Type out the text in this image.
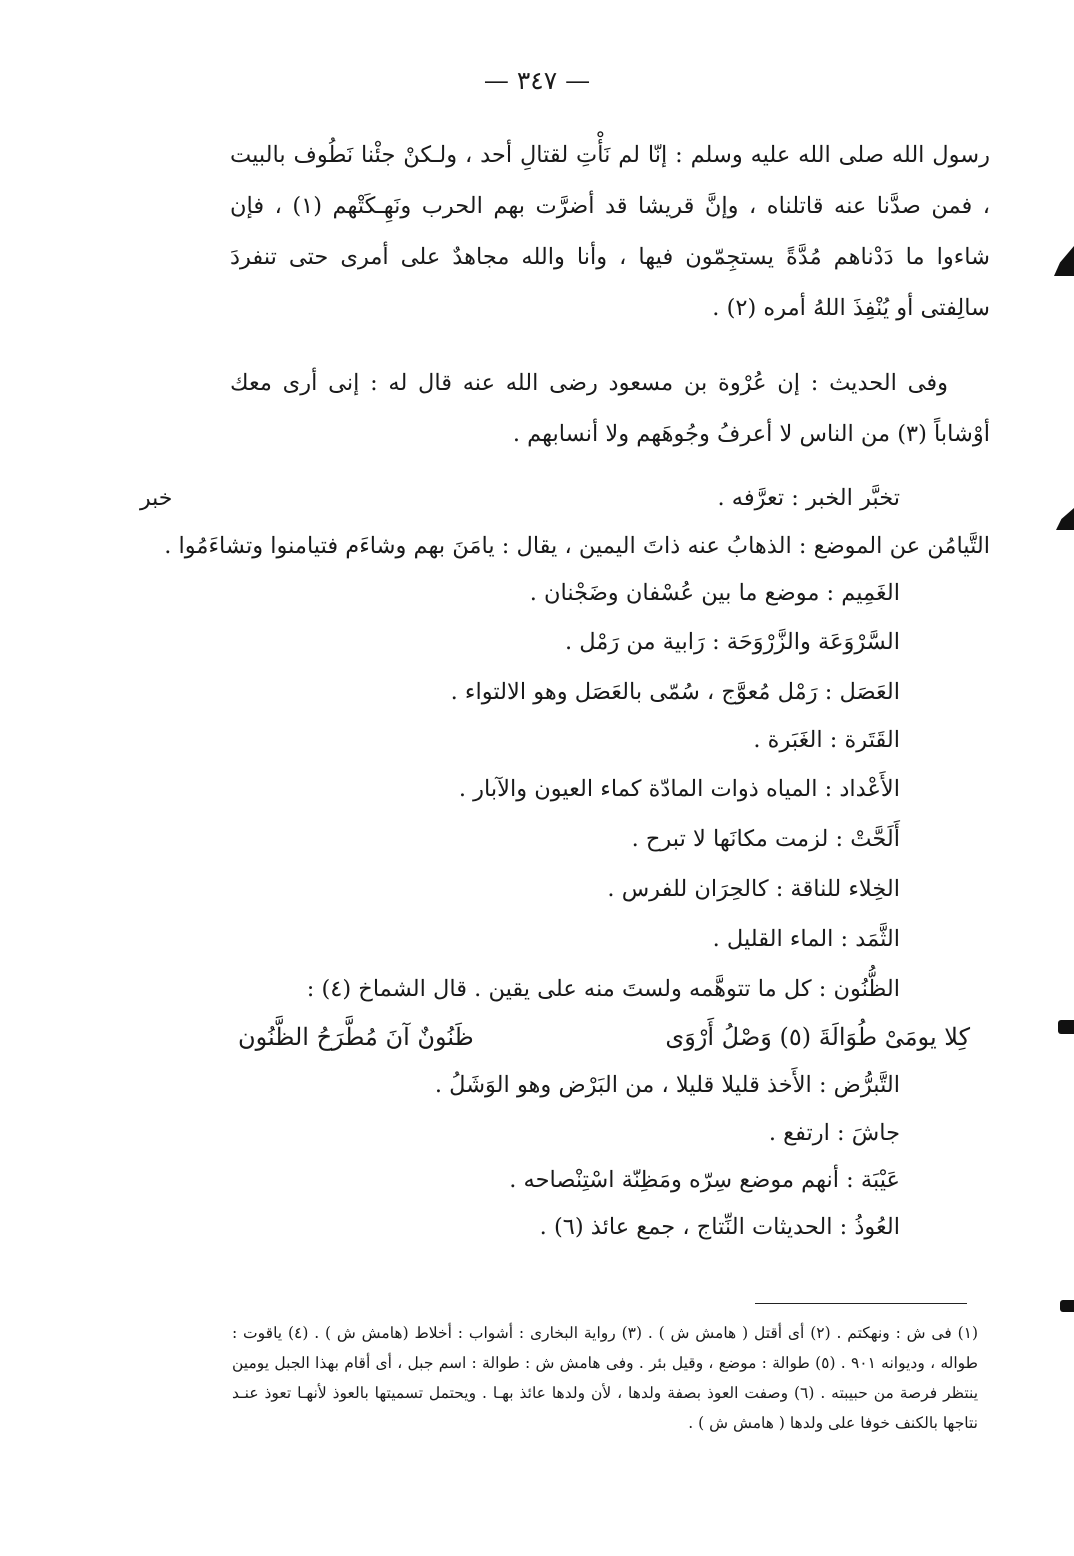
— ٣٤٧ —

رسول الله صلى الله عليه وسلم : إنّا لم نَأْتِ لقتالِ أحد ، ولـكنْ جئْنا نَطُوف بالبيت ، فمن صدَّنا عنه قاتلناه ، وإنَّ قريشا قد أضرَّت بهم الحرب ونَهِـكَتْهم (١) ، فإن شاءوا ما دَدْناهم مُدَّةً يستجِمّون فيها ، وأنا والله مجاهدٌ على أمرى حتى تنفردَ سالِفتى أو يُنْفِذَ اللهُ أمره (٢) .

وفى الحديث : إن عُرْوة بن مسعود رضى الله عنه قال له : إنى أرى معك أوْشاباً (٣) من الناس لا أعرفُ وجُوهَهم ولا أنسابهم .

خبر	تخبَّر الخبر : تعرَّفه .
التَّيامُن عن الموضع : الذهابُ عنه ذاتَ اليمين ، يقال : يامَنَ بهم وشاءَم فتيامنوا وتشاءَمُوا .
الغَمِيم : موضع ما بين عُسْفان وضَجْنان .
السَّرْوَعَة والزَّرْوَحَة : رَابية من رَمْل .
العَصَل : رَمْل مُعوَّج ، سُمّى بالعَصَل وهو الالتواء .
القَتَرة : الغَبَرة .
الأَعْداد : المياه ذوات المادّة كماء العيون والآبار .
أَلَحَّتْ : لزمت مكانَها لا تبرح .
الخِلاء للناقة : كالحِرَان للفرس .
الثَّمَد : الماء القليل .
الظُّنُون : كل ما تتوهَّمه ولستَ منه على يقين . قال الشماخ (٤) :
كِلا يومَىْ طُوَالَةَ (٥) وَصْلُ أَرْوَى
ظَنُونٌ آنَ مُطَّرَحُ الظَّنُون
التَّبرُّض : الأَخذ قليلا قليلا ، من البَرْض وهو الوَشَلُ .
جاشَ : ارتفع .
عَيْبَة : أنهم موضع سِرّه ومَظِنّة اسْتِنْصاحه .
العُوذُ : الحديثات النِّتاج ، جمع عائذ (٦) .

(١) فى ش : ونهكتم . (٢) أى أقتل ( هامش ش ) . (٣) رواية البخارى : أشواب : أخلاط (هامش ش ) . (٤) ياقوت : طواله ، وديوانه ٩٠١ . (٥) طوالة : موضع ، وقيل بئر . وفى هامش ش : طوالة : اسم جبل ، أى أقام بهذا الجبل يومين ينتظر فرصة من حبيبته . (٦) وصفت العوذ بصفة ولدها ، لأن ولدها عائذ بهـا . ويحتمل تسميتها بالعوذ لأنهـا تعوذ عنـد نتاجها بالكنف خوفا على ولدها ( هامش ش ) .
